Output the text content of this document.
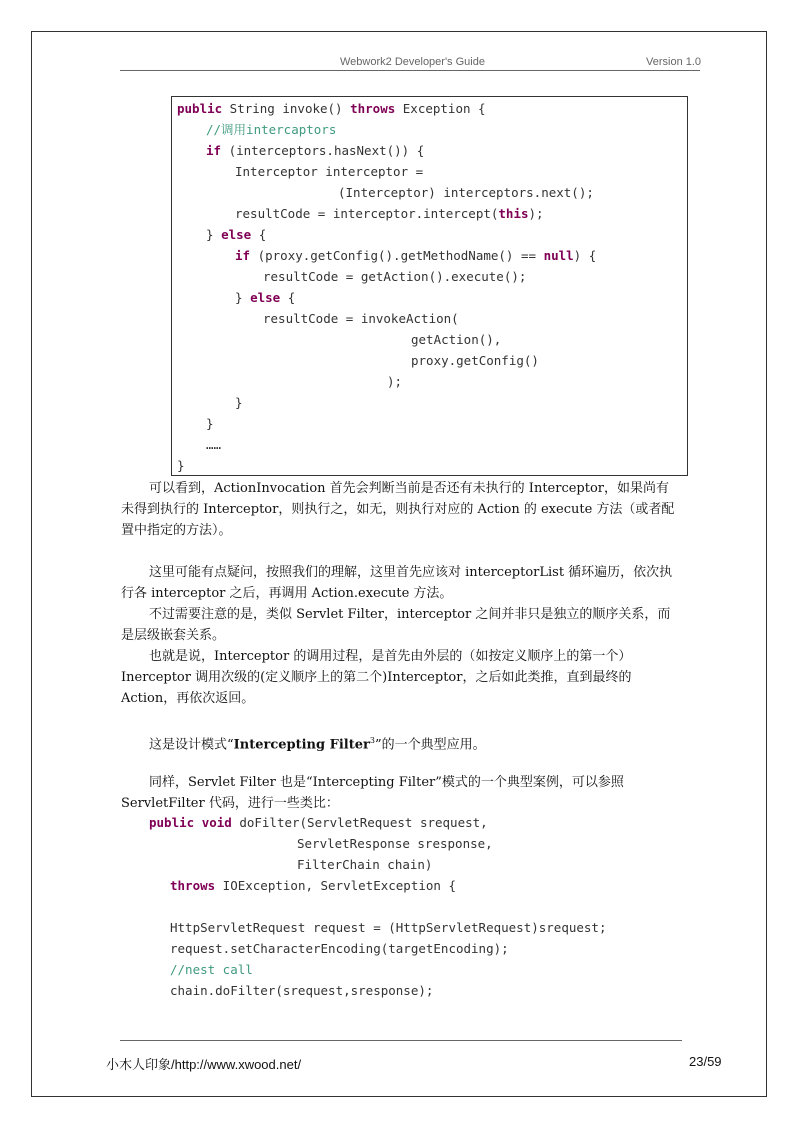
Webwork2 Developer's Guide	Version 1.0
public String invoke() throws Exception {
//调用intercaptors
if (interceptors.hasNext()) {
Interceptor interceptor =
(Interceptor) interceptors.next();
resultCode = interceptor.intercept(this);
} else {
if (proxy.getConfig().getMethodName() == null) {
resultCode = getAction().execute();
} else {
resultCode = invokeAction(
getAction(),
proxy.getConfig()
);
}
}
……
}
可以看到，ActionInvocation 首先会判断当前是否还有未执行的 Interceptor，如果尚有未得到执行的 Interceptor，则执行之，如无，则执行对应的 Action 的 execute 方法（或者配置中指定的方法）。
这里可能有点疑问，按照我们的理解，这里首先应该对 interceptorList 循环遍历，依次执行各 interceptor 之后，再调用 Action.execute 方法。
不过需要注意的是，类似 Servlet Filter，interceptor 之间并非只是独立的顺序关系，而是层级嵌套关系。
也就是说，Interceptor 的调用过程，是首先由外层的（如按定义顺序上的第一个）Inerceptor 调用次级的(定义顺序上的第二个)Interceptor，之后如此类推，直到最终的 Action，再依次返回。
这是设计模式“Intercepting Filter$^3$”的一个典型应用。
同样，Servlet Filter 也是“Intercepting Filter”模式的一个典型案例，可以参照 ServletFilter 代码，进行一些类比：
public void doFilter(ServletRequest srequest,
ServletResponse sresponse,
FilterChain chain)
throws IOException, ServletException {
HttpServletRequest request = (HttpServletRequest)srequest;
request.setCharacterEncoding(targetEncoding);
//nest call
chain.doFilter(srequest,sresponse);
小木人印象/http://www.xwood.net/	23/59
